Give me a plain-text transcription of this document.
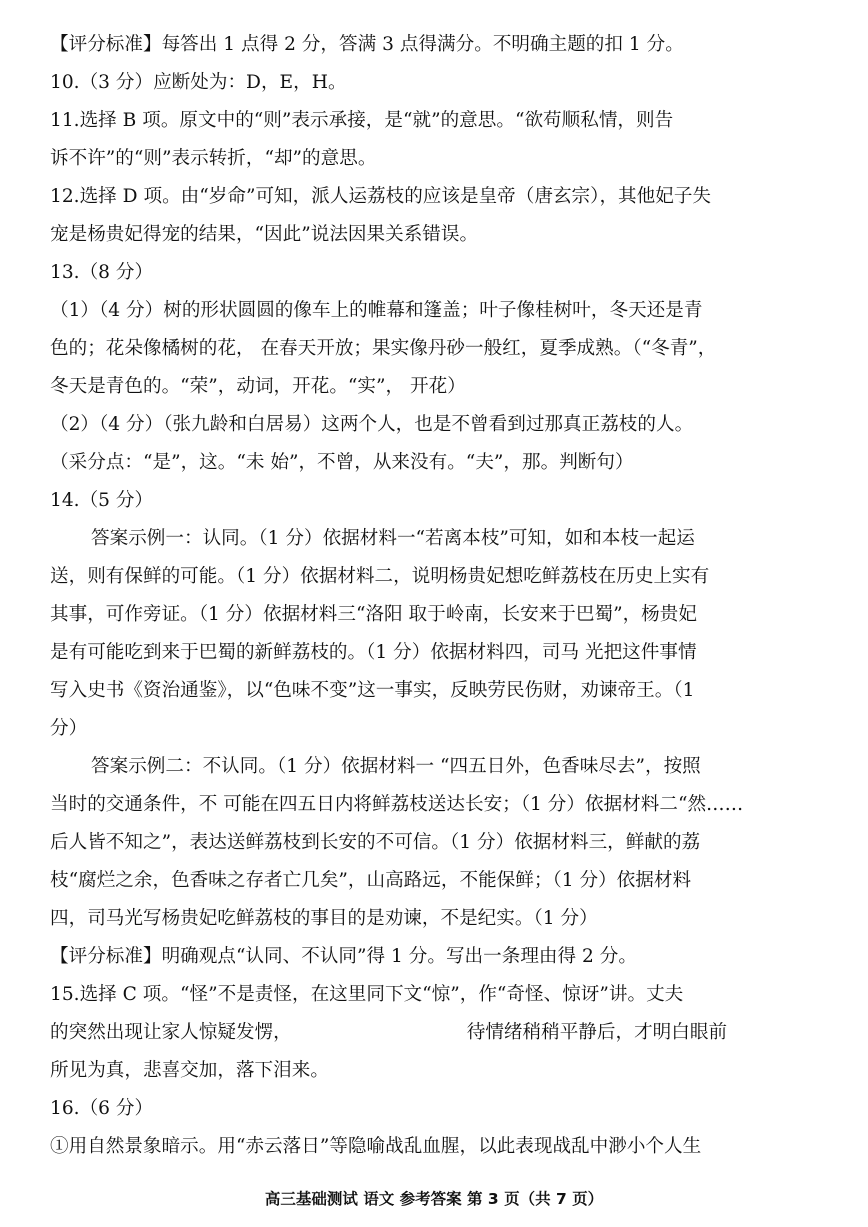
【评分标准】每答出 1 点得 2 分，答满 3 点得满分。不明确主题的扣 1 分。
10.（3 分）应断处为：D，E，H。
11.选择 B 项。原文中的“则”表示承接，是“就”的意思。“欲苟顺私情，则告
诉不许”的“则”表示转折，“却”的意思。
12.选择 D 项。由“岁命”可知，派人运荔枝的应该是皇帝（唐玄宗），其他妃子失
宠是杨贵妃得宠的结果，“因此”说法因果关系错误。
13.（8 分）
（1）（4 分）树的形状圆圆的像车上的帷幕和篷盖；叶子像桂树叶，冬天还是青
色的；花朵像橘树的花， 在春天开放；果实像丹砂一般红，夏季成熟。（“冬青”，
冬天是青色的。“荣”，动词，开花。“实”， 开花）
（2）（4 分）（张九龄和白居易）这两个人，也是不曾看到过那真正荔枝的人。
（采分点：“是”，这。“未 始”，不曾，从来没有。“夫”，那。判断句）
14.（5 分）
答案示例一：认同。（1 分）依据材料一“若离本枝”可知，如和本枝一起运
送，则有保鲜的可能。（1 分）依据材料二，说明杨贵妃想吃鲜荔枝在历史上实有
其事，可作旁证。（1 分）依据材料三“洛阳 取于岭南，长安来于巴蜀”，杨贵妃
是有可能吃到来于巴蜀的新鲜荔枝的。（1 分）依据材料四，司马 光把这件事情
写入史书《资治通鉴》，以“色味不变”这一事实，反映劳民伤财，劝谏帝王。（1
分）
答案示例二：不认同。（1 分）依据材料一 “四五日外，色香味尽去”，按照
当时的交通条件，不 可能在四五日内将鲜荔枝送达长安；（1 分）依据材料二“然……
后人皆不知之”，表达送鲜荔枝到长安的不可信。（1 分）依据材料三，鲜献的荔
枝“腐烂之余，色香味之存者亡几矣”，山高路远，不能保鲜；（1 分）依据材料
四，司马光写杨贵妃吃鲜荔枝的事目的是劝谏，不是纪实。（1 分）
【评分标准】明确观点“认同、不认同”得 1 分。写出一条理由得 2 分。
15.选择 C 项。“怪”不是责怪，在这里同下文“惊”，作“奇怪、惊讶”讲。丈夫
的突然出现让家人惊疑发愣，	待情绪稍稍平静后，才明白眼前
所见为真，悲喜交加，落下泪来。
16.（6 分）
①用自然景象暗示。用“赤云落日”等隐喻战乱血腥，以此表现战乱中渺小个人生
高三基础测试 语文 参考答案 第 3 页（共 7 页）
